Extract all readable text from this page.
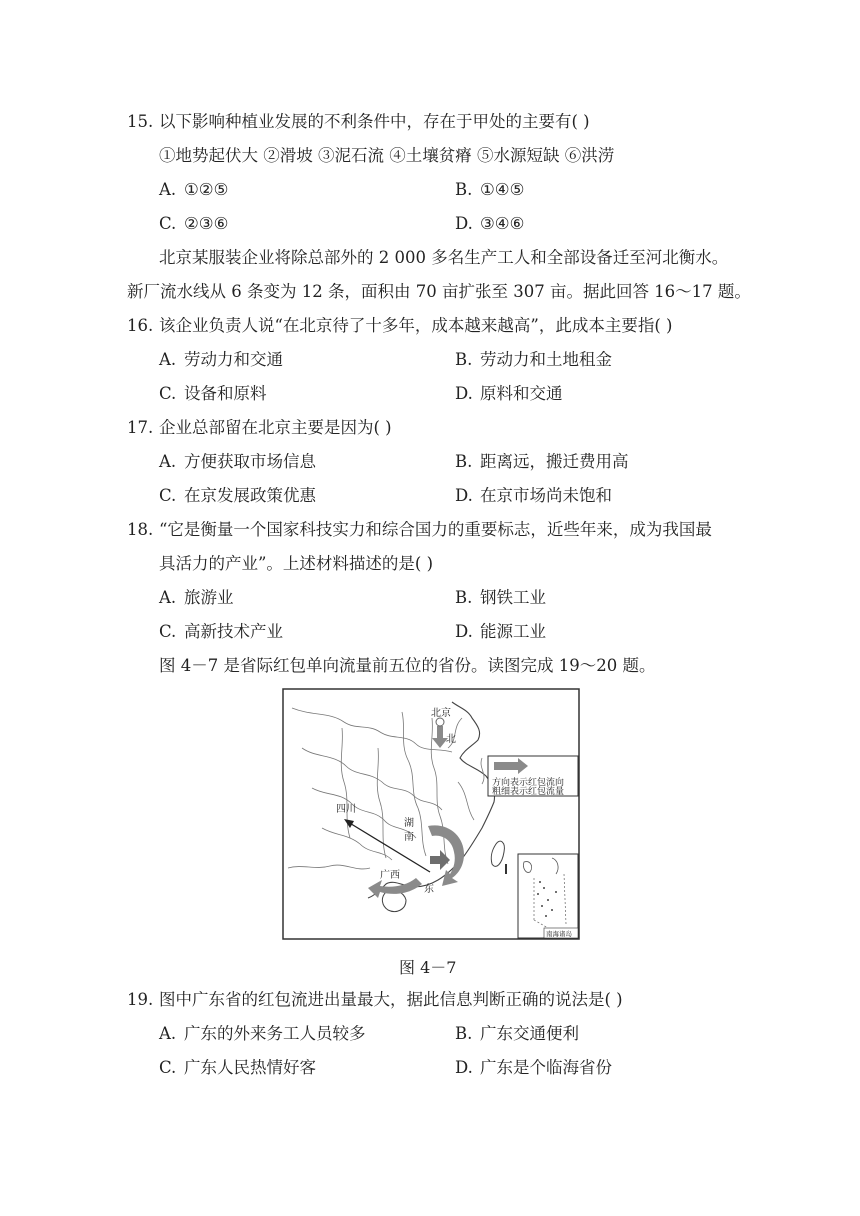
15. 以下影响种植业发展的不利条件中，存在于甲处的主要有( )
①地势起伏大 ②滑坡 ③泥石流 ④土壤贫瘠 ⑤水源短缺 ⑥洪涝
A. ①②⑤	B. ①④⑤
C. ②③⑥	D. ③④⑥
北京某服装企业将除总部外的 2 000 多名生产工人和全部设备迁至河北衡水。
新厂流水线从 6 条变为 12 条，面积由 70 亩扩张至 307 亩。据此回答 16～17 题。
16. 该企业负责人说“在北京待了十多年，成本越来越高”，此成本主要指( )
A. 劳动力和交通	B. 劳动力和土地租金
C. 设备和原料	D. 原料和交通
17. 企业总部留在北京主要是因为( )
A. 方便获取市场信息	B. 距离远，搬迁费用高
C. 在京发展政策优惠	D. 在京市场尚未饱和
18. “它是衡量一个国家科技实力和综合国力的重要标志，近些年来，成为我国最
具活力的产业”。上述材料描述的是( )
A. 旅游业	B. 钢铁工业
C. 高新技术产业	D. 能源工业
图 4－7 是省际红包单向流量前五位的省份。读图完成 19～20 题。
北京
北
四川
湖
南
广西
东
方向表示红包流向
粗细表示红包流量
南海诸岛
图 4－7
19. 图中广东省的红包流进出量最大，据此信息判断正确的说法是( )
A. 广东的外来务工人员较多	B. 广东交通便利
C. 广东人民热情好客	D. 广东是个临海省份
